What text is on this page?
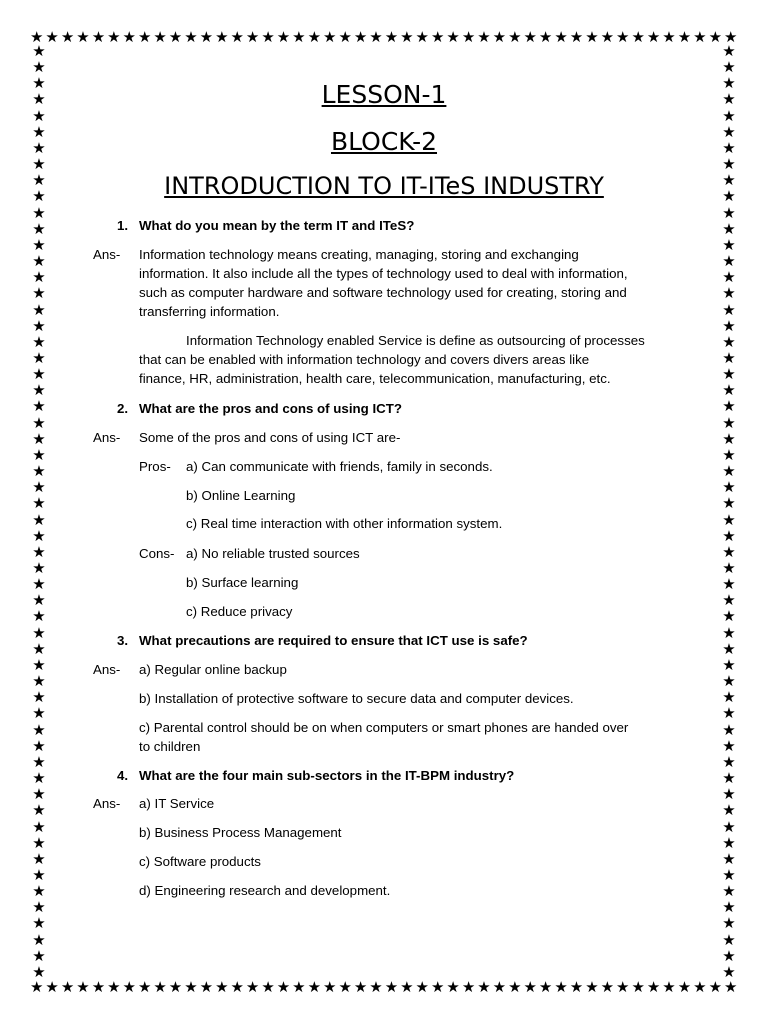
★ ★ ★ ★ ★ ★ ★ ★ ★ ★ ★ ★ ★ ★ ★ ★ ★ ★ ★ ★ ★ ★ ★ ★ ★ ★ ★ ★ ★ ★ ★ ★ ★ ★ ★ ★ ★ ★ ★ ★ ★ ★ ★ ★ ★ ★
★ ★ ★ ★ ★ ★ ★ ★ ★ ★ ★ ★ ★ ★ ★ ★ ★ ★ ★ ★ ★ ★ ★ ★ ★ ★ ★ ★ ★ ★ ★ ★ ★ ★ ★ ★ ★ ★ ★ ★ ★ ★ ★ ★ ★ ★
★
★
★
★
★
★
★
★
★
★
★
★
★
★
★
★
★
★
★
★
★
★
★
★
★
★
★
★
★
★
★
★
★
★
★
★
★
★
★
★
★
★
★
★
★
★
★
★
★
★
★
★
★
★
★
★
★
★
★
★
★
★
★
★
★
★
★
★
★
★
★
★
★
★
★
★
★
★
★
★
★
★
★
★
★
★
★
★
★
★
★
★
★
★
★
★
★
★
★
★
★
★
★
★
★
★
★
★
★
★
★
★
★
★
★
★
LESSON-1
BLOCK-2
INTRODUCTION TO IT-ITeS INDUSTRY
1. What do you mean by the term IT and ITeS?
Ans- Information technology means creating, managing, storing and exchanging
information. It also include all the types of technology used to deal with information,
such as computer hardware and software technology used for creating, storing and
transferring information.
Information Technology enabled Service is define as outsourcing of processes
that can be enabled with information technology and covers divers areas like
finance, HR, administration, health care, telecommunication, manufacturing, etc.
2. What are the pros and cons of using ICT?
Ans- Some of the pros and cons of using ICT are-
Pros- a) Can communicate with friends, family in seconds.
b) Online Learning
c) Real time interaction with other information system.
Cons- a) No reliable trusted sources
b) Surface learning
c) Reduce privacy
3. What precautions are required to ensure that ICT use is safe?
Ans- a) Regular online backup
b) Installation of protective software to secure data and computer devices.
c) Parental control should be on when computers or smart phones are handed over
to children
4. What are the four main sub-sectors in the IT-BPM industry?
Ans- a) IT Service
b) Business Process Management
c) Software products
d) Engineering research and development.
